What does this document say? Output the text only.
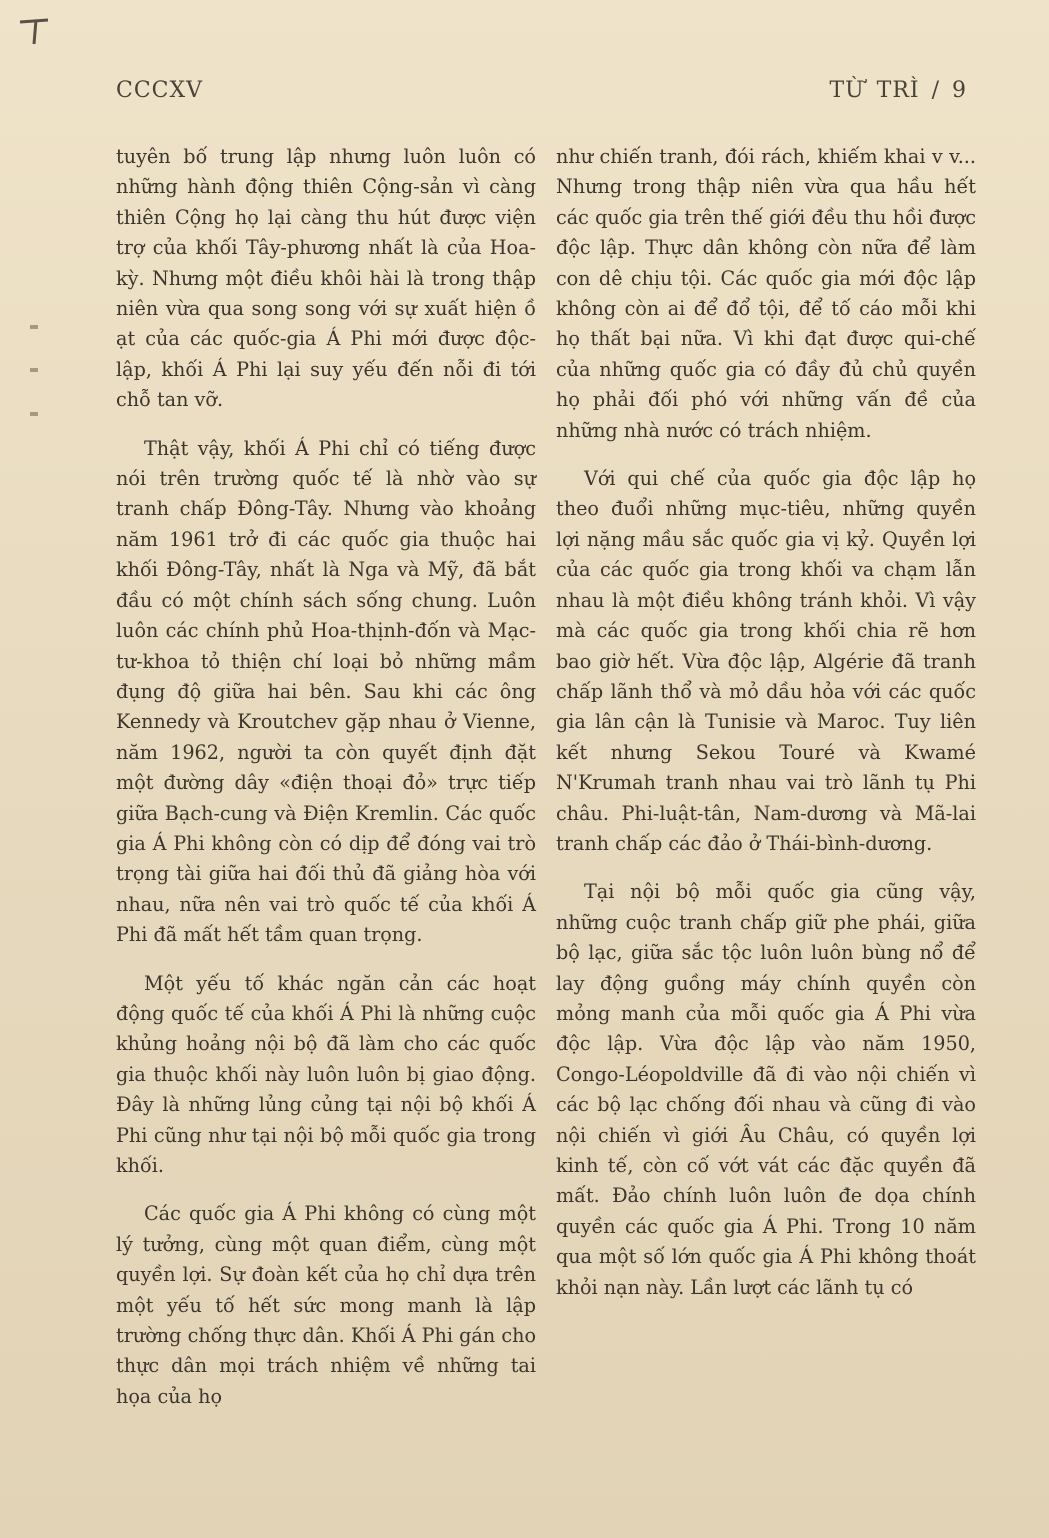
CCCXV	TỪ TRÌ / 9

tuyên bố trung lập nhưng luôn luôn có những hành động thiên Cộng-sản vì càng thiên Cộng họ lại càng thu hút được viện trợ của khối Tây-phương nhất là của Hoa-kỳ. Nhưng một điều khôi hài là trong thập niên vừa qua song song với sự xuất hiện ồ ạt của các quốc-gia Á Phi mới được độc-lập, khối Á Phi lại suy yếu đến nỗi đi tới chỗ tan vỡ.

Thật vậy, khối Á Phi chỉ có tiếng được nói trên trường quốc tế là nhờ vào sự tranh chấp Đông-Tây. Nhưng vào khoảng năm 1961 trở đi các quốc gia thuộc hai khối Đông-Tây, nhất là Nga và Mỹ, đã bắt đầu có một chính sách sống chung. Luôn luôn các chính phủ Hoa-thịnh-đốn và Mạc-tư-khoa tỏ thiện chí loại bỏ những mầm đụng độ giữa hai bên. Sau khi các ông Kennedy và Kroutchev gặp nhau ở Vienne, năm 1962, người ta còn quyết định đặt một đường dây «điện thoại đỏ» trực tiếp giữa Bạch-cung và Điện Kremlin. Các quốc gia Á Phi không còn có dịp để đóng vai trò trọng tài giữa hai đối thủ đã giảng hòa với nhau, nữa nên vai trò quốc tế của khối Á Phi đã mất hết tầm quan trọng.

Một yếu tố khác ngăn cản các hoạt động quốc tế của khối Á Phi là những cuộc khủng hoảng nội bộ đã làm cho các quốc gia thuộc khối này luôn luôn bị giao động. Đây là những lủng củng tại nội bộ khối Á Phi cũng như tại nội bộ mỗi quốc gia trong khối.

Các quốc gia Á Phi không có cùng một lý tưởng, cùng một quan điểm, cùng một quyền lợi. Sự đoàn kết của họ chỉ dựa trên một yếu tố hết sức mong manh là lập trường chống thực dân. Khối Á Phi gán cho thực dân mọi trách nhiệm về những tai họa của họ

như chiến tranh, đói rách, khiếm khai v v... Nhưng trong thập niên vừa qua hầu hết các quốc gia trên thế giới đều thu hồi được độc lập. Thực dân không còn nữa để làm con dê chịu tội. Các quốc gia mới độc lập không còn ai để đổ tội, để tố cáo mỗi khi họ thất bại nữa. Vì khi đạt được qui-chế của những quốc gia có đầy đủ chủ quyền họ phải đối phó với những vấn đề của những nhà nước có trách nhiệm.

Với qui chế của quốc gia độc lập họ theo đuổi những mục-tiêu, những quyền lợi nặng mầu sắc quốc gia vị kỷ. Quyền lợi của các quốc gia trong khối va chạm lẫn nhau là một điều không tránh khỏi. Vì vậy mà các quốc gia trong khối chia rẽ hơn bao giờ hết. Vừa độc lập, Algérie đã tranh chấp lãnh thổ và mỏ dầu hỏa với các quốc gia lân cận là Tunisie và Maroc. Tuy liên kết nhưng Sekou Touré và Kwamé N'Krumah tranh nhau vai trò lãnh tụ Phi châu. Phi-luật-tân, Nam-dương và Mã-lai tranh chấp các đảo ở Thái-bình-dương.

Tại nội bộ mỗi quốc gia cũng vậy, những cuộc tranh chấp giữ phe phái, giữa bộ lạc, giữa sắc tộc luôn luôn bùng nổ để lay động guồng máy chính quyền còn mỏng manh của mỗi quốc gia Á Phi vừa độc lập. Vừa độc lập vào năm 1950, Congo-Léopoldville đã đi vào nội chiến vì các bộ lạc chống đối nhau và cũng đi vào nội chiến vì giới Âu Châu, có quyền lợi kinh tế, còn cố vớt vát các đặc quyền đã mất. Đảo chính luôn luôn đe dọa chính quyền các quốc gia Á Phi. Trong 10 năm qua một số lớn quốc gia Á Phi không thoát khỏi nạn này. Lần lượt các lãnh tụ có
